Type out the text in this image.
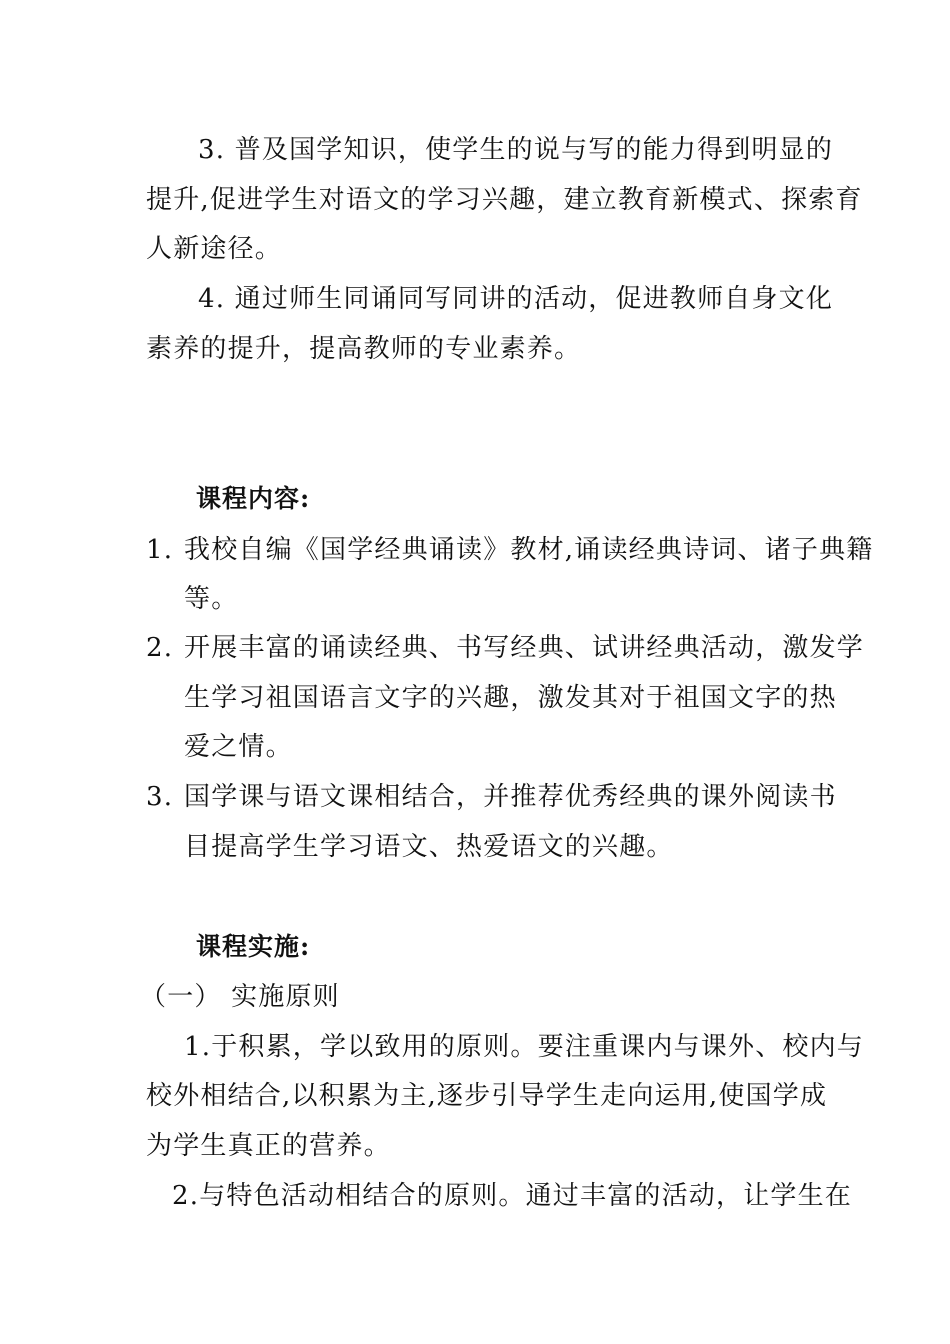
3. 普及国学知识，使学生的说与写的能力得到明显的
提升,促进学生对语文的学习兴趣，建立教育新模式、探索育
人新途径。
4. 通过师生同诵同写同讲的活动，促进教师自身文化
素养的提升，提高教师的专业素养。
课程内容:
1. 我校自编《国学经典诵读》教材,诵读经典诗词、诸子典籍
等。
2. 开展丰富的诵读经典、书写经典、试讲经典活动，激发学
生学习祖国语言文字的兴趣，激发其对于祖国文字的热
爱之情。
3. 国学课与语文课相结合，并推荐优秀经典的课外阅读书
目提高学生学习语文、热爱语文的兴趣。
课程实施:
（一） 实施原则
1.于积累，学以致用的原则。要注重课内与课外、校内与
校外相结合,以积累为主,逐步引导学生走向运用,使国学成
为学生真正的营养。
2.与特色活动相结合的原则。通过丰富的活动，让学生在
